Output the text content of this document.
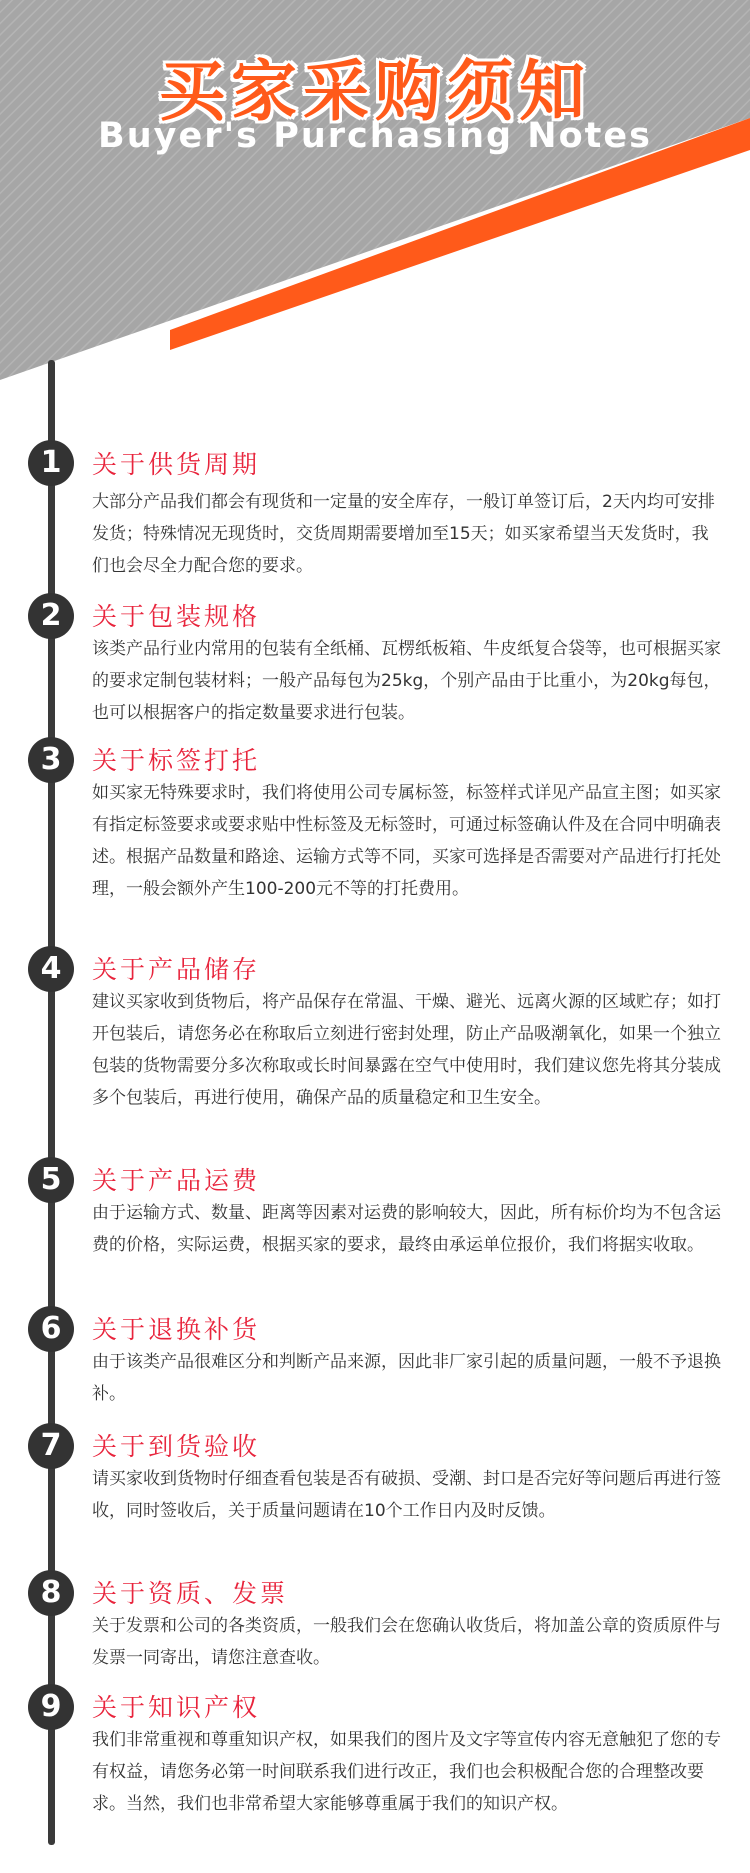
买家采购须知
Buyer's Purchasing Notes
1	关于供货周期

大部分产品我们都会有现货和一定量的安全库存，一般订单签订后，2天内均可安排发货；特殊情况无现货时，交货周期需要增加至15天；如买家希望当天发货时，我们也会尽全力配合您的要求。

2	关于包装规格

该类产品行业内常用的包装有全纸桶、瓦楞纸板箱、牛皮纸复合袋等，也可根据买家的要求定制包装材料；一般产品每包为25kg，个别产品由于比重小，为20kg每包，也可以根据客户的指定数量要求进行包装。

3	关于标签打托

如买家无特殊要求时，我们将使用公司专属标签，标签样式详见产品宣主图；如买家有指定标签要求或要求贴中性标签及无标签时，可通过标签确认件及在合同中明确表述。根据产品数量和路途、运输方式等不同，买家可选择是否需要对产品进行打托处理，一般会额外产生100-200元不等的打托费用。

4	关于产品储存

建议买家收到货物后，将产品保存在常温、干燥、避光、远离火源的区域贮存；如打开包装后，请您务必在称取后立刻进行密封处理，防止产品吸潮氧化，如果一个独立包装的货物需要分多次称取或长时间暴露在空气中使用时，我们建议您先将其分装成多个包装后，再进行使用，确保产品的质量稳定和卫生安全。

5	关于产品运费

由于运输方式、数量、距离等因素对运费的影响较大，因此，所有标价均为不包含运费的价格，实际运费，根据买家的要求，最终由承运单位报价，我们将据实收取。

6	关于退换补货

由于该类产品很难区分和判断产品来源，因此非厂家引起的质量问题，一般不予退换补。

7	关于到货验收

请买家收到货物时仔细查看包装是否有破损、受潮、封口是否完好等问题后再进行签收，同时签收后，关于质量问题请在10个工作日内及时反馈。

8	关于资质、发票

关于发票和公司的各类资质，一般我们会在您确认收货后，将加盖公章的资质原件与发票一同寄出，请您注意查收。

9	关于知识产权

我们非常重视和尊重知识产权，如果我们的图片及文字等宣传内容无意触犯了您的专有权益，请您务必第一时间联系我们进行改正，我们也会积极配合您的合理整改要求。当然，我们也非常希望大家能够尊重属于我们的知识产权。
